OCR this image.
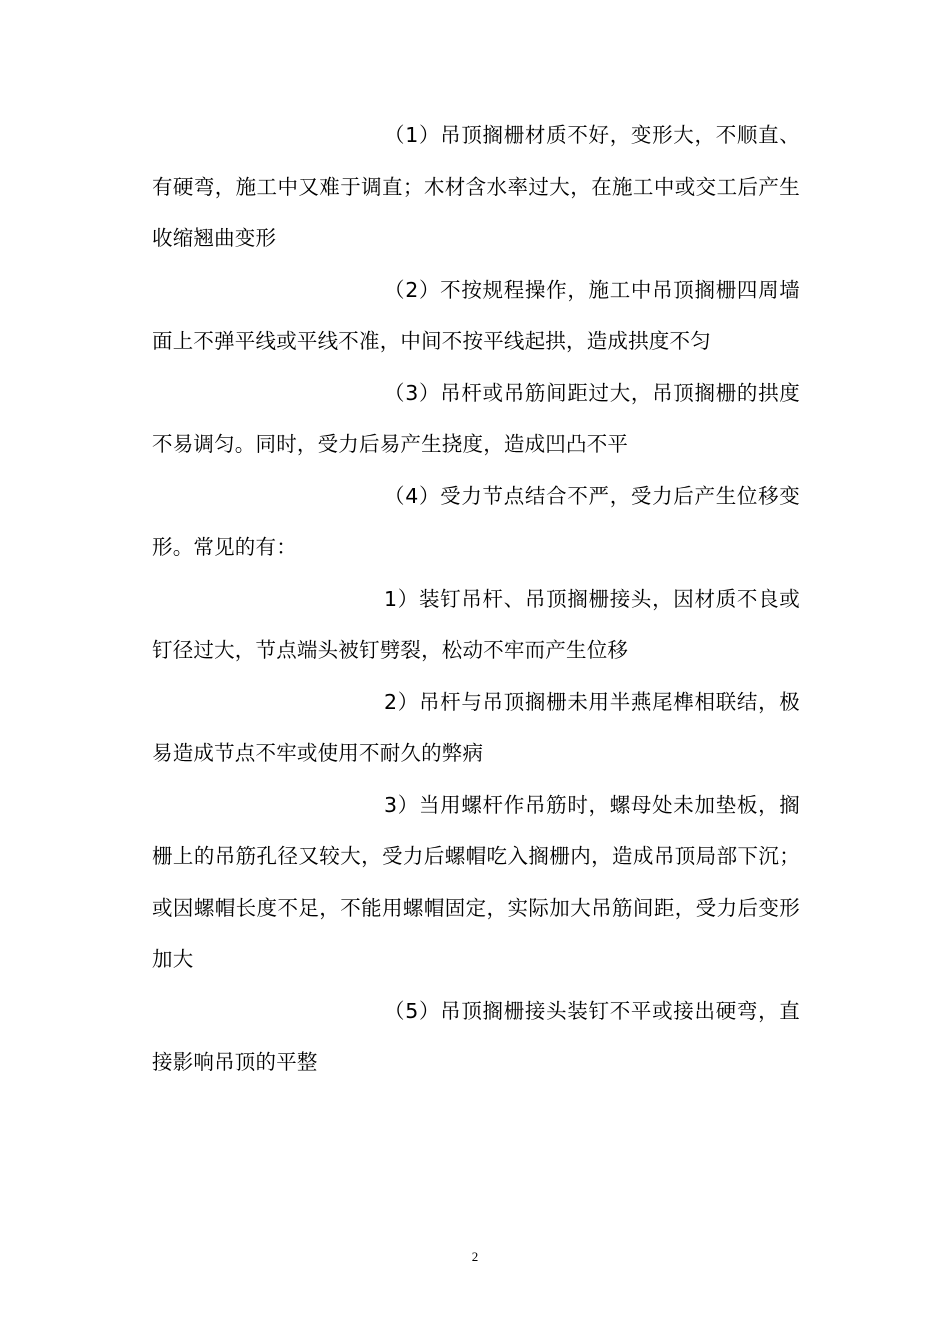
（1）吊顶搁栅材质不好，变形大，不顺直、有硬弯，施工中又难于调直；木材含水率过大，在施工中或交工后产生收缩翘曲变形

（2）不按规程操作，施工中吊顶搁栅四周墙面上不弹平线或平线不准，中间不按平线起拱，造成拱度不匀

（3）吊杆或吊筋间距过大，吊顶搁栅的拱度不易调匀。同时，受力后易产生挠度，造成凹凸不平

（4）受力节点结合不严，受力后产生位移变形。常见的有：

1）装钉吊杆、吊顶搁栅接头，因材质不良或钉径过大，节点端头被钉劈裂，松动不牢而产生位移

2）吊杆与吊顶搁栅未用半燕尾榫相联结，极易造成节点不牢或使用不耐久的弊病

3）当用螺杆作吊筋时，螺母处未加垫板，搁栅上的吊筋孔径又较大，受力后螺帽吃入搁栅内，造成吊顶局部下沉；或因螺帽长度不足，不能用螺帽固定，实际加大吊筋间距，受力后变形加大

（5）吊顶搁栅接头装钉不平或接出硬弯，直接影响吊顶的平整

2
